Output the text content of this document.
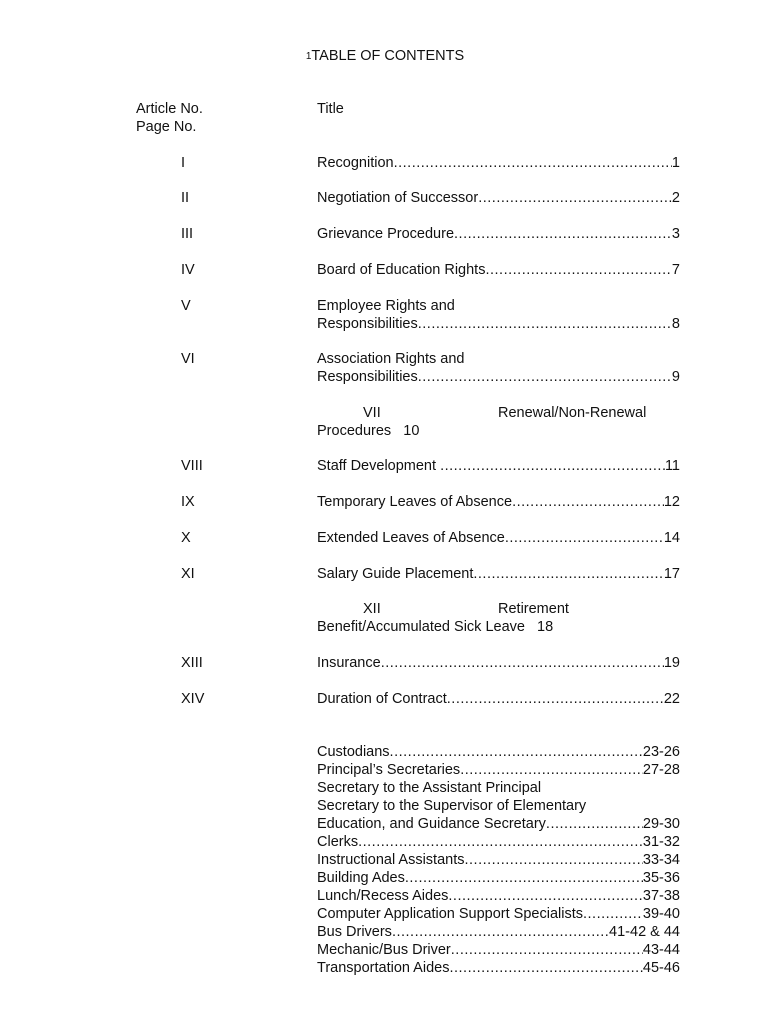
1TABLE OF CONTENTS
Article No.
Page No.
Title
I	Recognition .....	1
II	Negotiation of Successor .....	2
III	Grievance Procedure .....	3
IV	Board of Education Rights .....	7
V	Employee Rights and
Responsibilities .....	8
VI	Association Rights and
Responsibilities .....	9
VII	Renewal/Non-Renewal
Procedures 10
VIII	Staff Development .....	11
IX	Temporary Leaves of Absence .....	12
X	Extended Leaves of Absence .....	14
XI	Salary Guide Placement .....	17
XII	Retirement
Benefit/Accumulated Sick Leave 18
XIII	Insurance .....	19
XIV	Duration of Contract .....	22
Custodians .....	23-26
Principal’s Secretaries .....	27-28
Secretary to the Assistant Principal
Secretary to the Supervisor of Elementary
Education, and Guidance Secretary .....	29-30
Clerks .....	31-32
Instructional Assistants .....	33-34
Building Ades .....	35-36
Lunch/Recess Aides .....	37-38
Computer Application Support Specialists .....	39-40
Bus Drivers .....	41-42 & 44
Mechanic/Bus Driver .....	43-44
Transportation Aides .....	45-46
